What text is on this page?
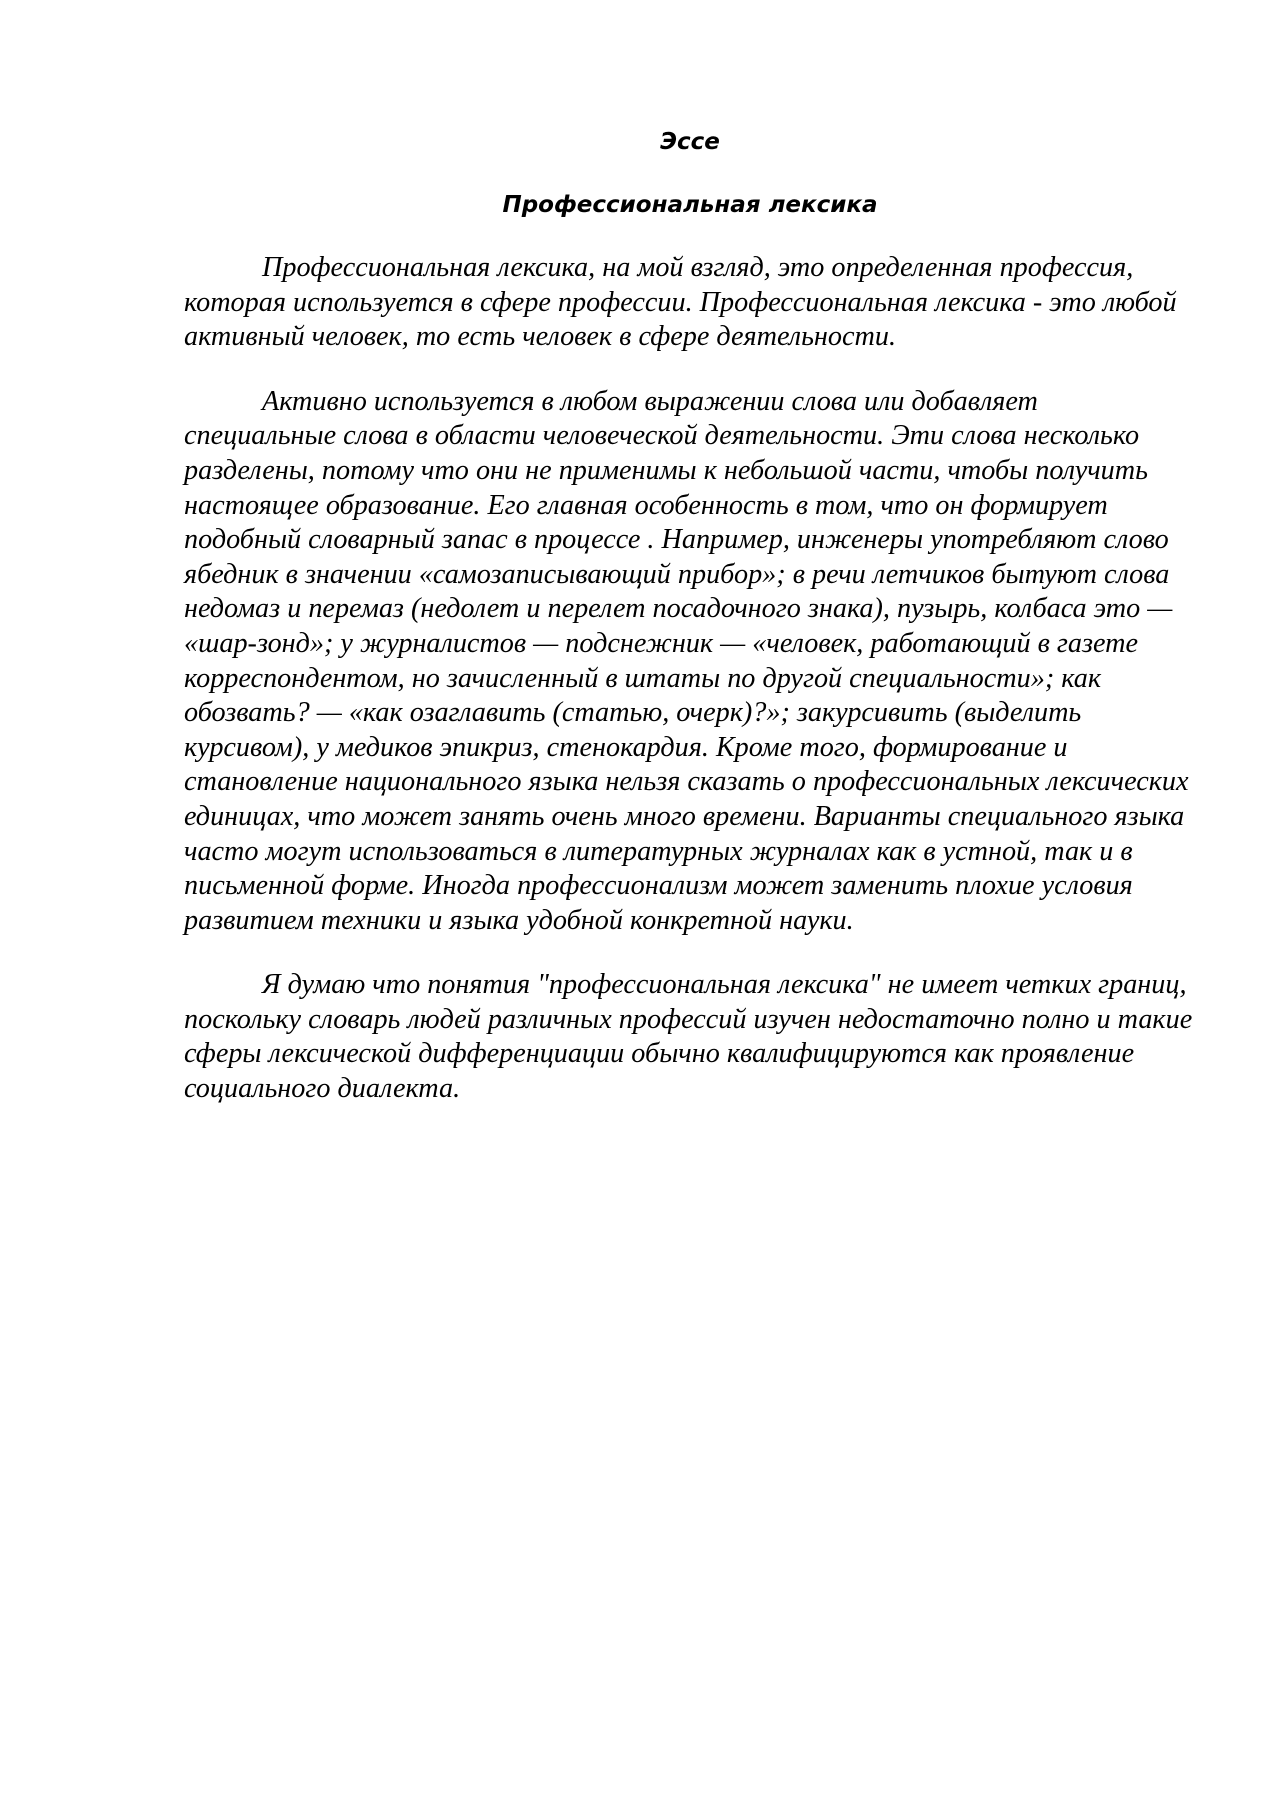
Эссе
Профессиональная лексика

Профессиональная лексика, на мой взгляд, это определенная профессия, которая используется в сфере профессии. Профессиональная лексика - это любой активный человек, то есть человек в сфере деятельности.

Активно используется в любом выражении слова или добавляет специальные слова в области человеческой деятельности. Эти слова несколько разделены, потому что они не применимы к небольшой части, чтобы получить настоящее образование. Его главная особенность в том, что он формирует подобный словарный запас в процессе . Например, инженеры употребляют слово ябедник в значении «самозаписывающий прибор»; в речи летчиков бытуют слова недомаз и перемаз (недолет и перелет посадочного знака), пузырь, колбаса это — «шар-зонд»; у журналистов — подснежник — «человек, работающий в газете корреспондентом, но зачисленный в штаты по другой специальности»; как обозвать? — «как озаглавить (статью, очерк)?»; закурсивить (выделить курсивом), у медиков эпикриз, стенокардия. Кроме того, формирование и становление национального языка нельзя сказать о профессиональных лексических единицах, что может занять очень много времени. Варианты специального языка часто могут использоваться в литературных журналах как в устной, так и в письменной форме. Иногда профессионализм может заменить плохие условия развитием техники и языка удобной конкретной науки.

Я думаю что понятия "профессиональная лексика" не имеет четких границ, поскольку словарь людей различных профессий изучен недостаточно полно и такие сферы лексической дифференциации обычно квалифицируются как проявление социального диалекта.
